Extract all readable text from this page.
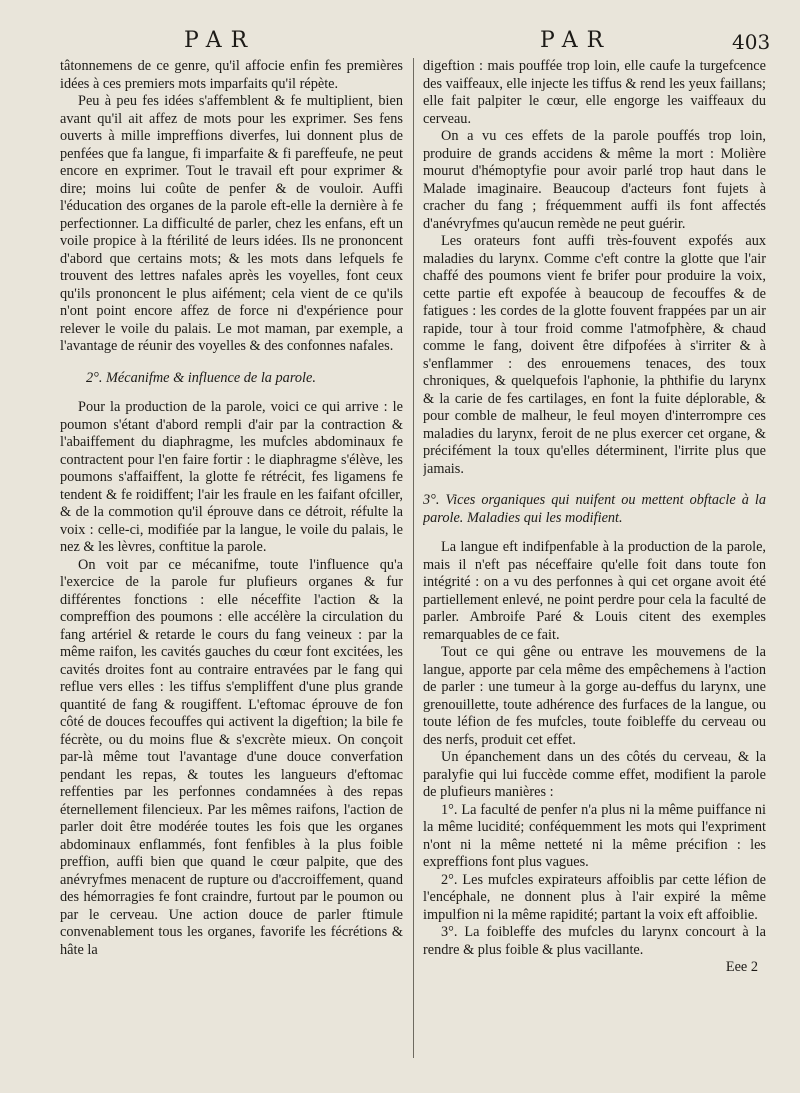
PAR	PAR	403

tâtonnemens de ce genre, qu'il affocie enfin fes premières idées à ces premiers mots imparfaits qu'il répète.

Peu à peu fes idées s'affemblent & fe multiplient, bien avant qu'il ait affez de mots pour les exprimer. Ses fens ouverts à mille impreffions diverfes, lui donnent plus de penfées que fa langue, fi imparfaite & fi pareffeufe, ne peut encore en exprimer. Tout le travail eft pour exprimer & dire; moins lui coûte de penfer & de vouloir. Auffi l'éducation des organes de la parole eft-elle la dernière à fe perfectionner. La difficulté de parler, chez les enfans, eft un voile propice à la ftérilité de leurs idées. Ils ne prononcent d'abord que certains mots; & les mots dans lefquels fe trouvent des lettres nafales après les voyelles, font ceux qu'ils prononcent le plus aifément; cela vient de ce qu'ils n'ont point encore affez de force ni d'expérience pour relever le voile du palais. Le mot maman, par exemple, a l'avantage de réunir des voyelles & des confonnes nafales.

2°. Mécanifme & influence de la parole.

Pour la production de la parole, voici ce qui arrive : le poumon s'étant d'abord rempli d'air par la contraction & l'abaiffement du diaphragme, les mufcles abdominaux fe contractent pour l'en faire fortir : le diaphragme s'élève, les poumons s'affaiffent, la glotte fe rétrécit, fes ligamens fe tendent & fe roidiffent; l'air les fraule en les faifant ofciller, & de la commotion qu'il éprouve dans ce détroit, réfulte la voix : celle-ci, modifiée par la langue, le voile du palais, le nez & les lèvres, conftitue la parole.

On voit par ce mécanifme, toute l'influence qu'a l'exercice de la parole fur plufieurs organes & fur différentes fonctions : elle néceffite l'action & la compreffion des poumons : elle accélère la circulation du fang artériel & retarde le cours du fang veineux : par la même raifon, les cavités gauches du cœur font excitées, les cavités droites font au contraire entravées par le fang qui reflue vers elles : les tiffus s'empliffent d'une plus grande quantité de fang & rougiffent. L'eftomac éprouve de fon côté de douces fecouffes qui activent la digeftion; la bile fe fécrète, ou du moins flue & s'excrète mieux. On conçoit par-là même tout l'avantage d'une douce converfation pendant les repas, & toutes les langueurs d'eftomac reffenties par les perfonnes condamnées à des repas éternellement filencieux. Par les mêmes raifons, l'action de parler doit être modérée toutes les fois que les organes abdominaux enflammés, font fenfibles à la plus foible preffion, auffi bien que quand le cœur palpite, que des anévryfmes menacent de rupture ou d'accroiffement, quand des hémorragies fe font craindre, furtout par le poumon ou par le cerveau. Une action douce de parler ftimule convenablement tous les organes, favorife les fécrétions & hâte la

digeftion : mais pouffée trop loin, elle caufe la turgefcence des vaiffeaux, elle injecte les tiffus & rend les yeux faillans; elle fait palpiter le cœur, elle engorge les vaiffeaux du cerveau.

On a vu ces effets de la parole pouffés trop loin, produire de grands accidens & même la mort : Molière mourut d'hémoptyfie pour avoir parlé trop haut dans le Malade imaginaire. Beaucoup d'acteurs font fujets à cracher du fang ; fréquemment auffi ils font affectés d'anévryfmes qu'aucun remède ne peut guérir.

Les orateurs font auffi très-fouvent expofés aux maladies du larynx. Comme c'eft contre la glotte que l'air chaffé des poumons vient fe brifer pour produire la voix, cette partie eft expofée à beaucoup de fecouffes & de fatigues : les cordes de la glotte fouvent frappées par un air rapide, tour à tour froid comme l'atmofphère, & chaud comme le fang, doivent être difpofées à s'irriter & à s'enflammer : des enrouemens tenaces, des toux chroniques, & quelquefois l'aphonie, la phthifie du larynx & la carie de fes cartilages, en font la fuite déplorable, & pour comble de malheur, le feul moyen d'interrompre ces maladies du larynx, feroit de ne plus exercer cet organe, & précifément la toux qu'elles déterminent, l'irrite plus que jamais.

3°. Vices organiques qui nuifent ou mettent obftacle à la parole. Maladies qui les modifient.

La langue eft indifpenfable à la production de la parole, mais il n'eft pas néceffaire qu'elle foit dans toute fon intégrité : on a vu des perfonnes à qui cet organe avoit été partiellement enlevé, ne point perdre pour cela la faculté de parler. Ambroife Paré & Louis citent des exemples remarquables de ce fait.

Tout ce qui gêne ou entrave les mouvemens de la langue, apporte par cela même des empêchemens à l'action de parler : une tumeur à la gorge au-deffus du larynx, une grenouillette, toute adhérence des furfaces de la langue, ou toute léfion de fes mufcles, toute foibleffe du cerveau ou des nerfs, produit cet effet.

Un épanchement dans un des côtés du cerveau, & la paralyfie qui lui fuccède comme effet, modifient la parole de plufieurs manières :

1°. La faculté de penfer n'a plus ni la même puiffance ni la même lucidité; conféquemment les mots qui l'expriment n'ont ni la même netteté ni la même précifion : les expreffions font plus vagues.

2°. Les mufcles expirateurs affoiblis par cette léfion de l'encéphale, ne donnent plus à l'air expiré la même impulfion ni la même rapidité; partant la voix eft affoiblie.

3°. La foibleffe des mufcles du larynx concourt à la rendre & plus foible & plus vacillante.

Eee 2
